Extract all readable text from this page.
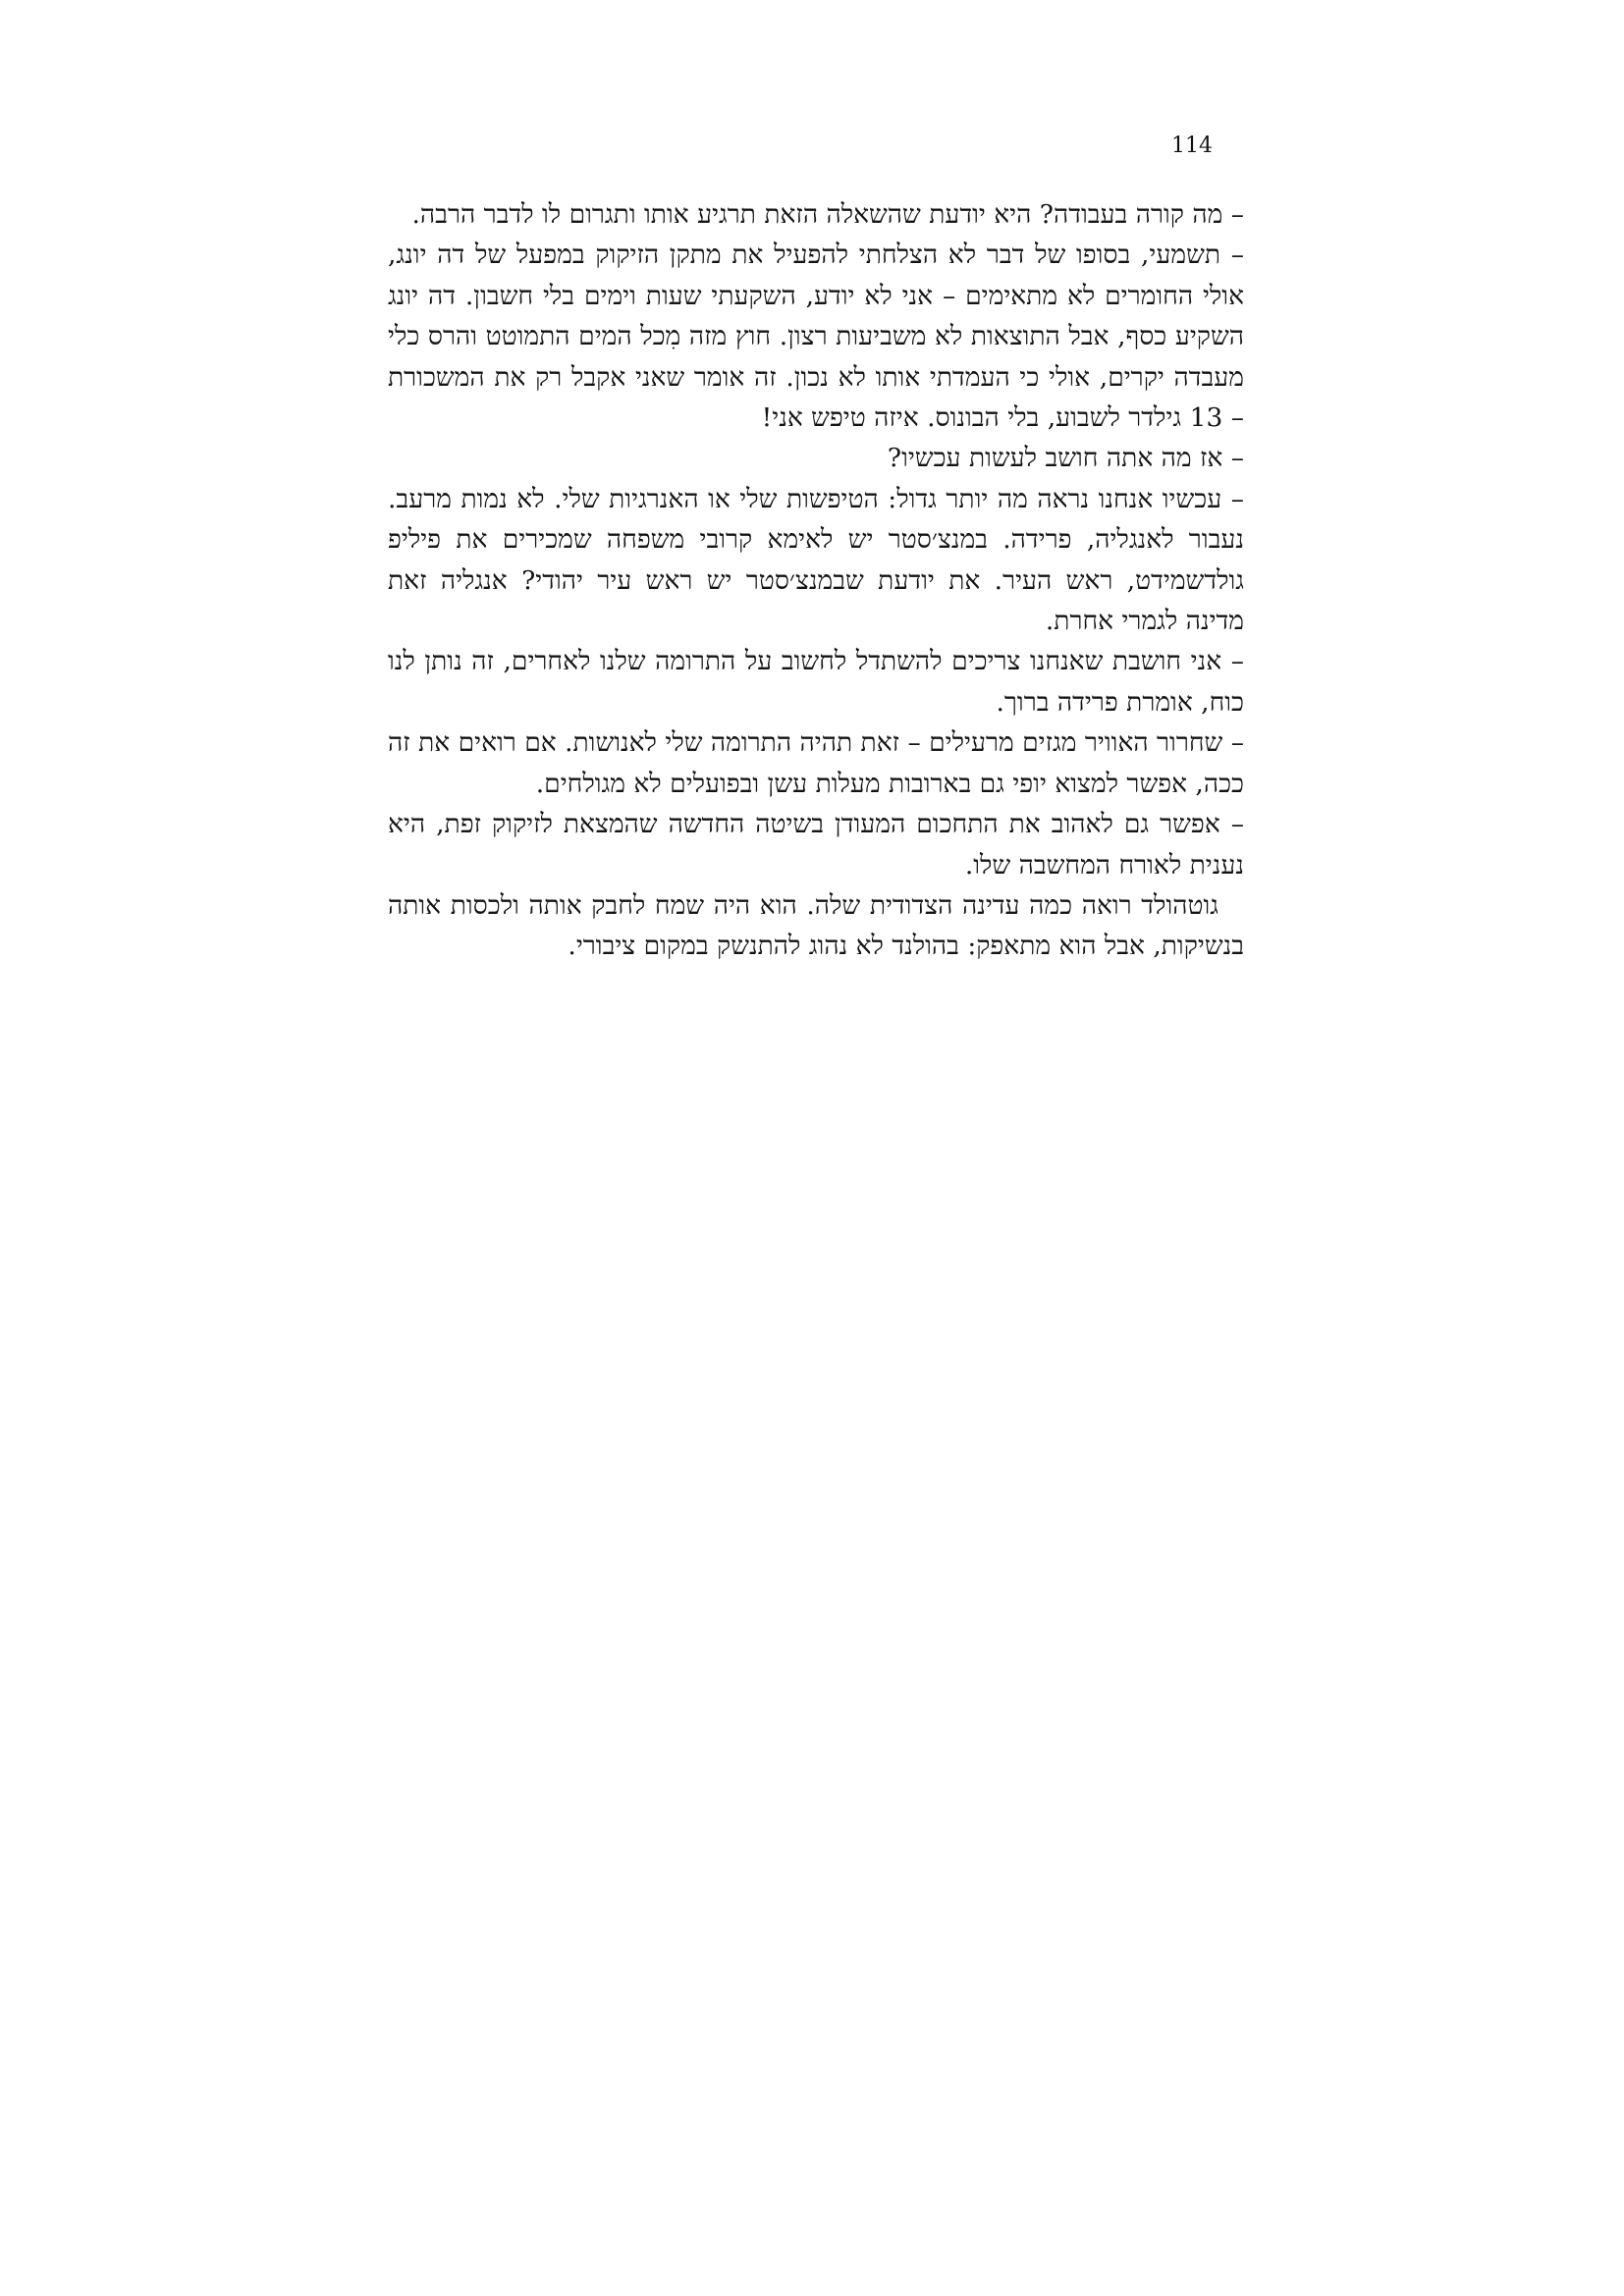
114

– מה קורה בעבודה? היא יודעת שהשאלה הזאת תרגיע אותו ותגרום לו לדבר הרבה.

– תשמעי, בסופו של דבר לא הצלחתי להפעיל את מתקן הזיקוק במפעל של דה יונג, אולי החומרים לא מתאימים – אני לא יודע, השקעתי שעות וימים בלי חשבון. דה יונג השקיע כסף, אבל התוצאות לא משביעות רצון. חוץ מזה מִכל המים התמוטט והרס כלי מעבדה יקרים, אולי כי העמדתי אותו לא נכון. זה אומר שאני אקבל רק את המשכורת – 13 גילדר לשבוע, בלי הבונוס. איזה טיפש אני!

– אז מה אתה חושב לעשות עכשיו?

– עכשיו אנחנו נראה מה יותר גדול: הטיפשות שלי או האנרגיות שלי. לא נמות מרעב. נעבור לאנגליה, פרידה. במנצ׳סטר יש לאימא קרובי משפחה שמכירים את פיליפ גולדשמידט, ראש העיר. את יודעת שבמנצ׳סטר יש ראש עיר יהודי? אנגליה זאת מדינה לגמרי אחרת.

– אני חושבת שאנחנו צריכים להשתדל לחשוב על התרומה שלנו לאחרים, זה נותן לנו כוח, אומרת פרידה ברוך.

– שחרור האוויר מגזים מרעילים – זאת תהיה התרומה שלי לאנושות. אם רואים את זה ככה, אפשר למצוא יופי גם בארובות מעלות עשן ובפועלים לא מגולחים.

– אפשר גם לאהוב את התחכום המעודן בשיטה החדשה שהמצאת לזיקוק זפת, היא נענית לאורח המחשבה שלו.

גוטהולד רואה כמה עדינה הצדודית שלה. הוא היה שמח לחבק אותה ולכסות אותה בנשיקות, אבל הוא מתאפק: בהולנד לא נהוג להתנשק במקום ציבורי.
